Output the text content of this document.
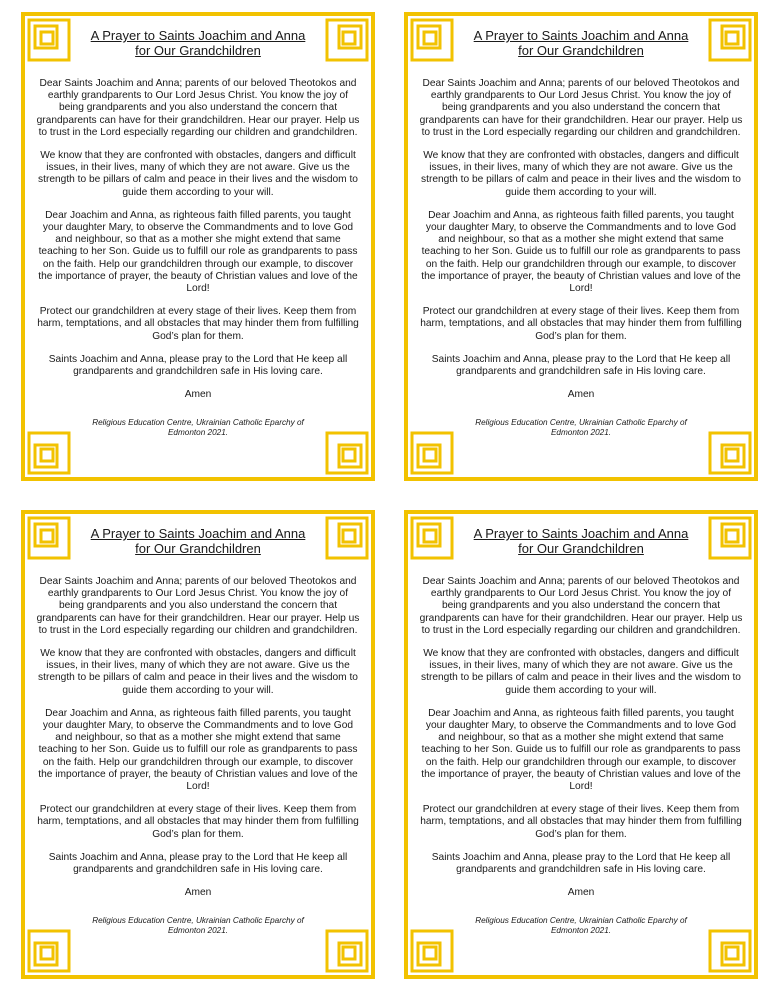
A Prayer to Saints Joachim and Anna
for Our Grandchildren

Dear Saints Joachim and Anna; parents of our beloved Theotokos and earthly grandparents to Our Lord Jesus Christ. You know the joy of being grandparents and you also understand the concern that grandparents can have for their grandchildren. Hear our prayer. Help us to trust in the Lord especially regarding our children and grandchildren.

We know that they are confronted with obstacles, dangers and difficult issues, in their lives, many of which they are not aware. Give us the strength to be pillars of calm and peace in their lives and the wisdom to guide them according to your will.

Dear Joachim and Anna, as righteous faith filled parents, you taught your daughter Mary, to observe the Commandments and to love God and neighbour, so that as a mother she might extend that same teaching to her Son. Guide us to fulfill our role as grandparents to pass on the faith. Help our grandchildren through our example, to discover the importance of prayer, the beauty of Christian values and love of the Lord!

Protect our grandchildren at every stage of their lives. Keep them from harm, temptations, and all obstacles that may hinder them from fulfilling God’s plan for them.

Saints Joachim and Anna, please pray to the Lord that He keep all grandparents and grandchildren safe in His loving care.

Amen

Religious Education Centre, Ukrainian Catholic Eparchy of Edmonton 2021.

A Prayer to Saints Joachim and Anna
for Our Grandchildren

Dear Saints Joachim and Anna; parents of our beloved Theotokos and earthly grandparents to Our Lord Jesus Christ. You know the joy of being grandparents and you also understand the concern that grandparents can have for their grandchildren. Hear our prayer. Help us to trust in the Lord especially regarding our children and grandchildren.

We know that they are confronted with obstacles, dangers and difficult issues, in their lives, many of which they are not aware. Give us the strength to be pillars of calm and peace in their lives and the wisdom to guide them according to your will.

Dear Joachim and Anna, as righteous faith filled parents, you taught your daughter Mary, to observe the Commandments and to love God and neighbour, so that as a mother she might extend that same teaching to her Son. Guide us to fulfill our role as grandparents to pass on the faith. Help our grandchildren through our example, to discover the importance of prayer, the beauty of Christian values and love of the Lord!

Protect our grandchildren at every stage of their lives. Keep them from harm, temptations, and all obstacles that may hinder them from fulfilling God’s plan for them.

Saints Joachim and Anna, please pray to the Lord that He keep all grandparents and grandchildren safe in His loving care.

Amen

Religious Education Centre, Ukrainian Catholic Eparchy of Edmonton 2021.

A Prayer to Saints Joachim and Anna
for Our Grandchildren

Dear Saints Joachim and Anna; parents of our beloved Theotokos and earthly grandparents to Our Lord Jesus Christ. You know the joy of being grandparents and you also understand the concern that grandparents can have for their grandchildren. Hear our prayer. Help us to trust in the Lord especially regarding our children and grandchildren.

We know that they are confronted with obstacles, dangers and difficult issues, in their lives, many of which they are not aware. Give us the strength to be pillars of calm and peace in their lives and the wisdom to guide them according to your will.

Dear Joachim and Anna, as righteous faith filled parents, you taught your daughter Mary, to observe the Commandments and to love God and neighbour, so that as a mother she might extend that same teaching to her Son. Guide us to fulfill our role as grandparents to pass on the faith. Help our grandchildren through our example, to discover the importance of prayer, the beauty of Christian values and love of the Lord!

Protect our grandchildren at every stage of their lives. Keep them from harm, temptations, and all obstacles that may hinder them from fulfilling God’s plan for them.

Saints Joachim and Anna, please pray to the Lord that He keep all grandparents and grandchildren safe in His loving care.

Amen

Religious Education Centre, Ukrainian Catholic Eparchy of Edmonton 2021.

A Prayer to Saints Joachim and Anna
for Our Grandchildren

Dear Saints Joachim and Anna; parents of our beloved Theotokos and earthly grandparents to Our Lord Jesus Christ. You know the joy of being grandparents and you also understand the concern that grandparents can have for their grandchildren. Hear our prayer. Help us to trust in the Lord especially regarding our children and grandchildren.

We know that they are confronted with obstacles, dangers and difficult issues, in their lives, many of which they are not aware. Give us the strength to be pillars of calm and peace in their lives and the wisdom to guide them according to your will.

Dear Joachim and Anna, as righteous faith filled parents, you taught your daughter Mary, to observe the Commandments and to love God and neighbour, so that as a mother she might extend that same teaching to her Son. Guide us to fulfill our role as grandparents to pass on the faith. Help our grandchildren through our example, to discover the importance of prayer, the beauty of Christian values and love of the Lord!

Protect our grandchildren at every stage of their lives. Keep them from harm, temptations, and all obstacles that may hinder them from fulfilling God’s plan for them.

Saints Joachim and Anna, please pray to the Lord that He keep all grandparents and grandchildren safe in His loving care.

Amen

Religious Education Centre, Ukrainian Catholic Eparchy of Edmonton 2021.
